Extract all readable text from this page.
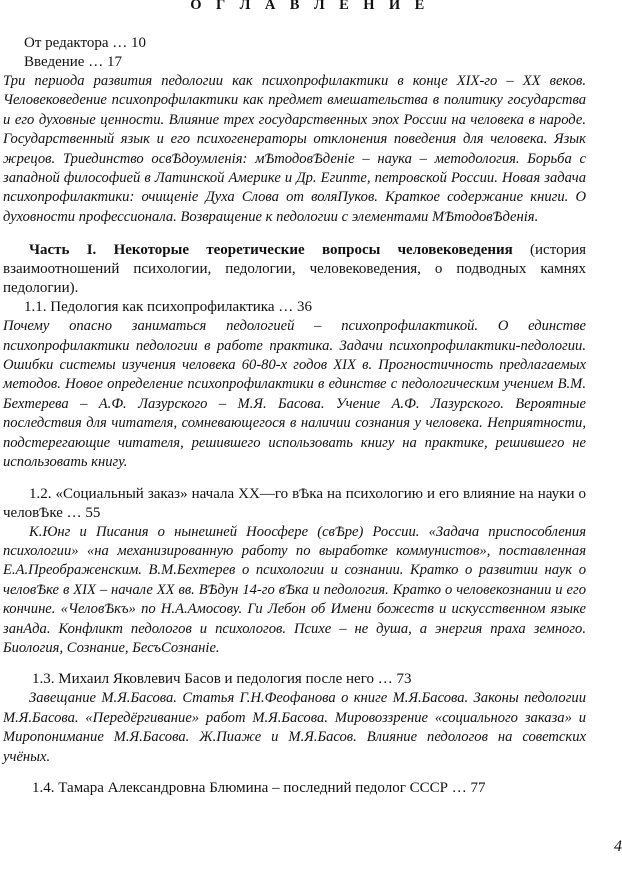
О Г Л А В Л Е Н И Е
От редактора … 10
Введение … 17
Три периода развития педологии как психопрофилактики в конце XIX-го – XX веков. Человековедение психопрофилактики как предмет вмешательства в политику государства и его духовные ценности. Влияние трех государственных эпох России на человека в народе. Государственный язык и его психогенераторы отклонения поведения для человека. Язык жрецов. Триединство освѢдоумленія: мѢтодовѢденіе – наука – методология. Борьба с западной философией в Латинской Америке и Др. Египте, петровской России. Новая задача психопрофилактики: очищеніе Духа Слова от воляПуков. Краткое содержание книги. О духовности профессионала. Возвращение к педологии с элементами МѢтодовѢденія.
Часть I. Некоторые теоретические вопросы человековедения (история взаимоотношений психологии, педологии, человековедения, о подводных камнях педологии).
1.1. Педология как психопрофилактика … 36
Почему опасно заниматься педологией – психопрофилактикой. О единстве психопрофилактики педологии в работе практика. Задачи психопрофилактики-педологии. Ошибки системы изучения человека 60-80-х годов XIX в. Прогностичность предлагаемых методов. Новое определение психопрофилактики в единстве с педологическим учением В.М. Бехтерева – А.Ф. Лазурского – М.Я. Басова. Учение А.Ф. Лазурского. Вероятные последствия для читателя, сомневающегося в наличии сознания у человека. Неприятности, подстерегающие читателя, решившего использовать книгу на практике, решившего не использовать книгу.
1.2. «Социальный заказ» начала XX—го вѢка на психологию и его влияние на науки о человѢке … 55
К.Юнг и Писания о нынешней Ноосфере (свѢре) России. «Задача приспособления психологии» «на механизированную работу по выработке коммунистов», поставленная Е.А.Преображенским. В.М.Бехтерев о психологии и сознании. Кратко о развитии наук о человѢке в XIX – начале XX вв. ВѢдун 14-го вѢка и педология. Кратко о человекознании и его кончине. «ЧеловѢкъ» по Н.А.Амосову. Ги Лебон об Имени божеств и искусственном языке занАда. Конфликт педологов и психологов. Психе – не душа, а энергия праха земного. Биология, Сознание, БесъСознаніе.
1.3. Михаил Яковлевич Басов и педология после него … 73
Завещание М.Я.Басова. Статья Г.Н.Феофанова о книге М.Я.Басова. Законы педологии М.Я.Басова. «Передёргивание» работ М.Я.Басова. Мировоззрение «социального заказа» и Миропонимание М.Я.Басова. Ж.Пиаже и М.Я.Басов. Влияние педологов на советских учёных.
1.4. Тамара Александровна Блюмина – последний педолог СССР … 77
4
